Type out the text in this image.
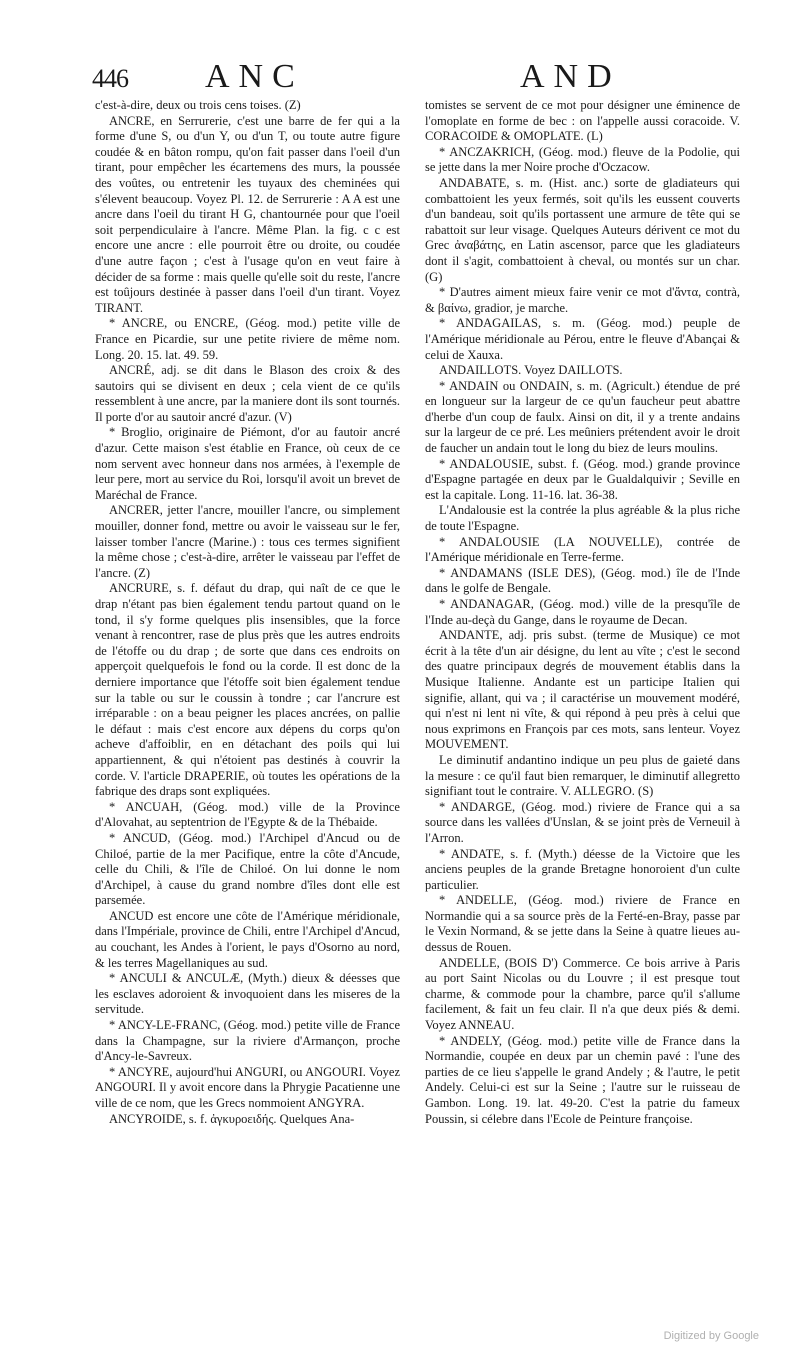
446 ANC	AND

c'est-à-dire, deux ou trois cens toises. (Z)

ANCRE, en Serrurerie, c'est une barre de fer qui a la forme d'une S, ou d'un Y, ou d'un T, ou toute autre figure coudée & en bâton rompu, qu'on fait passer dans l'oeil d'un tirant, pour empêcher les écartemens des murs, la poussée des voûtes, ou entretenir les tuyaux des cheminées qui s'élevent beaucoup. Voyez Pl. 12. de Serrurerie : A A est une ancre dans l'oeil du tirant H G, chantournée pour que l'oeil soit perpendiculaire à l'ancre. Même Plan. la fig. c c est encore une ancre : elle pourroit être ou droite, ou coudée d'une autre façon ; c'est à l'usage qu'on en veut faire à décider de sa forme : mais quelle qu'elle soit du reste, l'ancre est toûjours destinée à passer dans l'oeil d'un tirant. Voyez TIRANT.

* ANCRE, ou ENCRE, (Géog. mod.) petite ville de France en Picardie, sur une petite riviere de même nom. Long. 20. 15. lat. 49. 59.

ANCRÉ, adj. se dit dans le Blason des croix & des sautoirs qui se divisent en deux ; cela vient de ce qu'ils ressemblent à une ancre, par la maniere dont ils sont tournés. Il porte d'or au sautoir ancré d'azur. (V)

* Broglio, originaire de Piémont, d'or au fautoir ancré d'azur. Cette maison s'est établie en France, où ceux de ce nom servent avec honneur dans nos armées, à l'exemple de leur pere, mort au service du Roi, lorsqu'il avoit un brevet de Maréchal de France.

ANCRER, jetter l'ancre, mouiller l'ancre, ou simplement mouiller, donner fond, mettre ou avoir le vaisseau sur le fer, laisser tomber l'ancre (Marine.) : tous ces termes signifient la même chose ; c'est-à-dire, arrêter le vaisseau par l'effet de l'ancre. (Z)

ANCRURE, s. f. défaut du drap, qui naît de ce que le drap n'étant pas bien également tendu partout quand on le tond, il s'y forme quelques plis insensibles, que la force venant à rencontrer, rase de plus près que les autres endroits de l'étoffe ou du drap ; de sorte que dans ces endroits on apperçoit quelquefois le fond ou la corde. Il est donc de la derniere importance que l'étoffe soit bien également tendue sur la table ou sur le coussin à tondre ; car l'ancrure est irréparable : on a beau peigner les places ancrées, on pallie le défaut : mais c'est encore aux dépens du corps qu'on acheve d'affoiblir, en en détachant des poils qui lui appartiennent, & qui n'étoient pas destinés à couvrir la corde. V. l'article DRAPERIE, où toutes les opérations de la fabrique des draps sont expliquées.

* ANCUAH, (Géog. mod.) ville de la Province d'Alovahat, au septentrion de l'Egypte & de la Thébaide.

* ANCUD, (Géog. mod.) l'Archipel d'Ancud ou de Chiloé, partie de la mer Pacifique, entre la côte d'Ancude, celle du Chili, & l'île de Chiloé. On lui donne le nom d'Archipel, à cause du grand nombre d'îles dont elle est parsemée.

ANCUD est encore une côte de l'Amérique méridionale, dans l'Impériale, province de Chili, entre l'Archipel d'Ancud, au couchant, les Andes à l'orient, le pays d'Osorno au nord, & les terres Magellaniques au sud.

* ANCULI & ANCULÆ, (Myth.) dieux & déesses que les esclaves adoroient & invoquoient dans les miseres de la servitude.

* ANCY-LE-FRANC, (Géog. mod.) petite ville de France dans la Champagne, sur la riviere d'Armançon, proche d'Ancy-le-Savreux.

* ANCYRE, aujourd'hui ANGURI, ou ANGOURI. Voyez ANGOURI. Il y avoit encore dans la Phrygie Pacatienne une ville de ce nom, que les Grecs nommoient ANGYRA.

ANCYROIDE, s. f. ἀγκυροειδής. Quelques Ana-

tomistes se servent de ce mot pour désigner une éminence de l'omoplate en forme de bec : on l'appelle aussi coracoide. V. CORACOIDE & OMOPLATE. (L)

* ANCZAKRICH, (Géog. mod.) fleuve de la Podolie, qui se jette dans la mer Noire proche d'Oczacow.

ANDABATE, s. m. (Hist. anc.) sorte de gladiateurs qui combattoient les yeux fermés, soit qu'ils les eussent couverts d'un bandeau, soit qu'ils portassent une armure de tête qui se rabattoit sur leur visage. Quelques Auteurs dérivent ce mot du Grec ἀναβάτης, en Latin ascensor, parce que les gladiateurs dont il s'agit, combattoient à cheval, ou montés sur un char. (G)

* D'autres aiment mieux faire venir ce mot d'ἄντα, contrà, & βαίνω, gradior, je marche.

* ANDAGAILAS, s. m. (Géog. mod.) peuple de l'Amérique méridionale au Pérou, entre le fleuve d'Abançai & celui de Xauxa.

ANDAILLOTS. Voyez DAILLOTS.

* ANDAIN ou ONDAIN, s. m. (Agricult.) étendue de pré en longueur sur la largeur de ce qu'un faucheur peut abattre d'herbe d'un coup de faulx. Ainsi on dit, il y a trente andains sur la largeur de ce pré. Les meûniers prétendent avoir le droit de faucher un andain tout le long du biez de leurs moulins.

* ANDALOUSIE, subst. f. (Géog. mod.) grande province d'Espagne partagée en deux par le Gualdalquivir ; Seville en est la capitale. Long. 11-16. lat. 36-38.

L'Andalousie est la contrée la plus agréable & la plus riche de toute l'Espagne.

* ANDALOUSIE (LA NOUVELLE), contrée de l'Amérique méridionale en Terre-ferme.

* ANDAMANS (ISLE DES), (Géog. mod.) île de l'Inde dans le golfe de Bengale.

* ANDANAGAR, (Géog. mod.) ville de la presqu'île de l'Inde au-deçà du Gange, dans le royaume de Decan.

ANDANTE, adj. pris subst. (terme de Musique) ce mot écrit à la tête d'un air désigne, du lent au vîte ; c'est le second des quatre principaux degrés de mouvement établis dans la Musique Italienne. Andante est un participe Italien qui signifie, allant, qui va ; il caractérise un mouvement modéré, qui n'est ni lent ni vîte, & qui répond à peu près à celui que nous exprimons en François par ces mots, sans lenteur. Voyez MOUVEMENT.

Le diminutif andantino indique un peu plus de gaieté dans la mesure : ce qu'il faut bien remarquer, le diminutif allegretto signifiant tout le contraire. V. ALLEGRO. (S)

* ANDARGE, (Géog. mod.) riviere de France qui a sa source dans les vallées d'Unslan, & se joint près de Verneuil à l'Arron.

* ANDATE, s. f. (Myth.) déesse de la Victoire que les anciens peuples de la grande Bretagne honoroient d'un culte particulier.

* ANDELLE, (Géog. mod.) riviere de France en Normandie qui a sa source près de la Ferté-en-Bray, passe par le Vexin Normand, & se jette dans la Seine à quatre lieues au-dessus de Rouen.

ANDELLE, (BOIS D') Commerce. Ce bois arrive à Paris au port Saint Nicolas ou du Louvre ; il est presque tout charme, & commode pour la chambre, parce qu'il s'allume facilement, & fait un feu clair. Il n'a que deux piés & demi. Voyez ANNEAU.

* ANDELY, (Géog. mod.) petite ville de France dans la Normandie, coupée en deux par un chemin pavé : l'une des parties de ce lieu s'appelle le grand Andely ; & l'autre, le petit Andely. Celui-ci est sur la Seine ; l'autre sur le ruisseau de Gambon. Long. 19. lat. 49-20. C'est la patrie du fameux Poussin, si célebre dans l'Ecole de Peinture françoise.

Digitized by Google
